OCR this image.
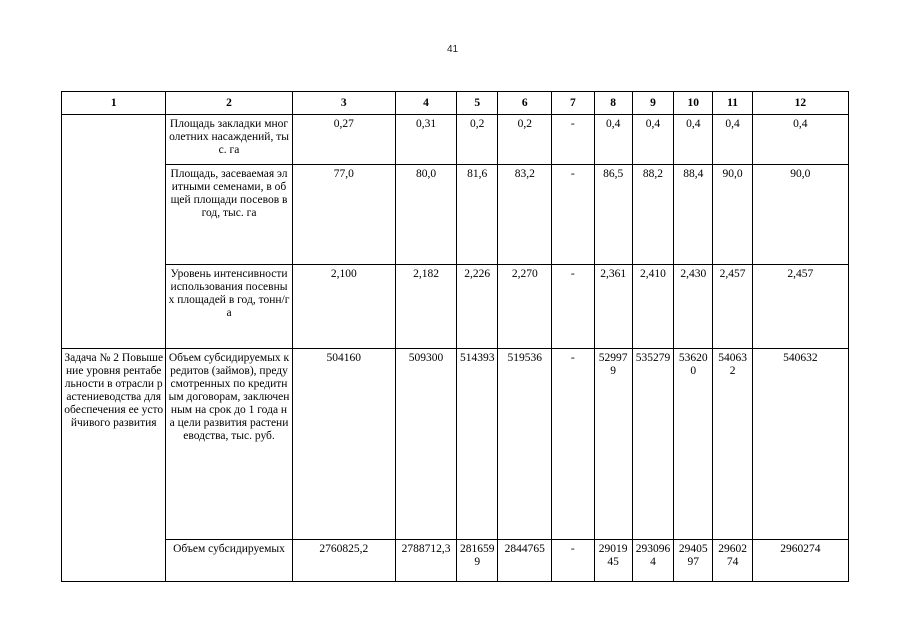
41
1	2	3	4	5	6	7	8	9	10	11	12
	Площадь закладки многолетних насаждений, тыс. га	0,27	0,31	0,2	0,2	-	0,4	0,4	0,4	0,4	0,4
	Площадь, засеваемая элитными семенами, в общей площади посевов в год, тыс. га	77,0	80,0	81,6	83,2	-	86,5	88,2	88,4	90,0	90,0
	Уровень интенсивности использования посевных площадей в год, тонн/га	2,100	2,182	2,226	2,270	-	2,361	2,410	2,430	2,457	2,457
Задача № 2 Повышение уровня рентабельности в отрасли растениеводства для обеспечения ее устойчивого развития	Объем субсидируемых кредитов (займов), предусмотренных по кредитным договорам, заключенным на срок до 1 года на цели развития растениеводства, тыс. руб.	504160	509300	514393	519536	-	529979	535279	536200	540632	540632
	Объем субсидируемых	2760825,2	2788712,3	2816599	2844765	-	2901945	2930964	2940597	2960274	2960274
